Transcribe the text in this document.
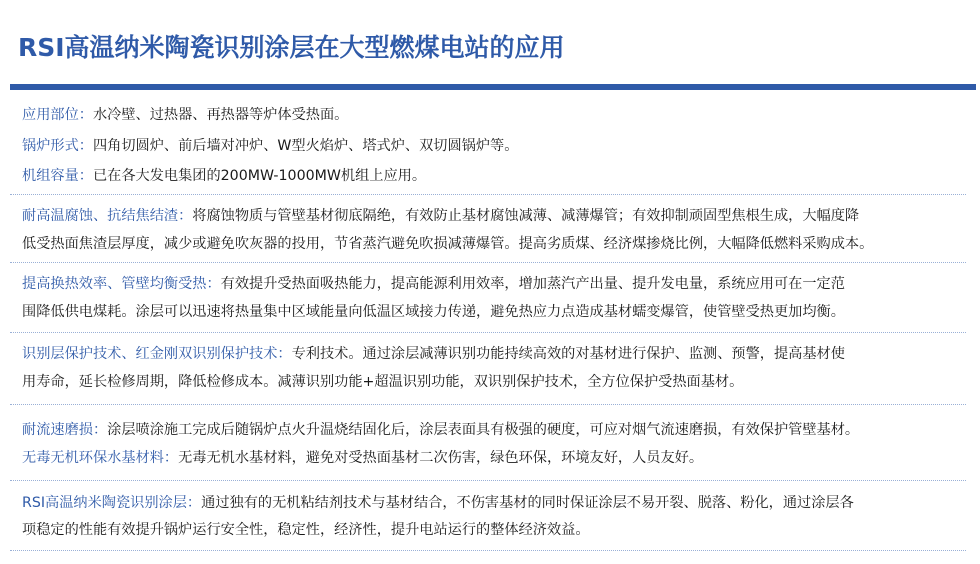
RSI高温纳米陶瓷识别涂层在大型燃煤电站的应用
应用部位：水冷壁、过热器、再热器等炉体受热面。
锅炉形式：四角切圆炉、前后墙对冲炉、W型火焰炉、塔式炉、双切圆锅炉等。
机组容量：已在各大发电集团的200MW-1000MW机组上应用。
耐高温腐蚀、抗结焦结渣：将腐蚀物质与管壁基材彻底隔绝，有效防止基材腐蚀减薄、减薄爆管；有效抑制顽固型焦根生成，大幅度降
低受热面焦渣层厚度，减少或避免吹灰器的投用，节省蒸汽避免吹损减薄爆管。提高劣质煤、经济煤掺烧比例，大幅降低燃料采购成本。
提高换热效率、管壁均衡受热：有效提升受热面吸热能力，提高能源利用效率，增加蒸汽产出量、提升发电量，系统应用可在一定范
围降低供电煤耗。涂层可以迅速将热量集中区域能量向低温区域接力传递，避免热应力点造成基材蠕变爆管，使管壁受热更加均衡。
识别层保护技术、红金刚双识别保护技术：专利技术。通过涂层减薄识别功能持续高效的对基材进行保护、监测、预警，提高基材使
用寿命，延长检修周期，降低检修成本。减薄识别功能+超温识别功能，双识别保护技术，全方位保护受热面基材。
耐流速磨损：涂层喷涂施工完成后随锅炉点火升温烧结固化后，涂层表面具有极强的硬度，可应对烟气流速磨损，有效保护管壁基材。
无毒无机环保水基材料：无毒无机水基材料，避免对受热面基材二次伤害，绿色环保，环境友好，人员友好。
RSI高温纳米陶瓷识别涂层：通过独有的无机粘结剂技术与基材结合，不伤害基材的同时保证涂层不易开裂、脱落、粉化，通过涂层各
项稳定的性能有效提升锅炉运行安全性，稳定性，经济性，提升电站运行的整体经济效益。
